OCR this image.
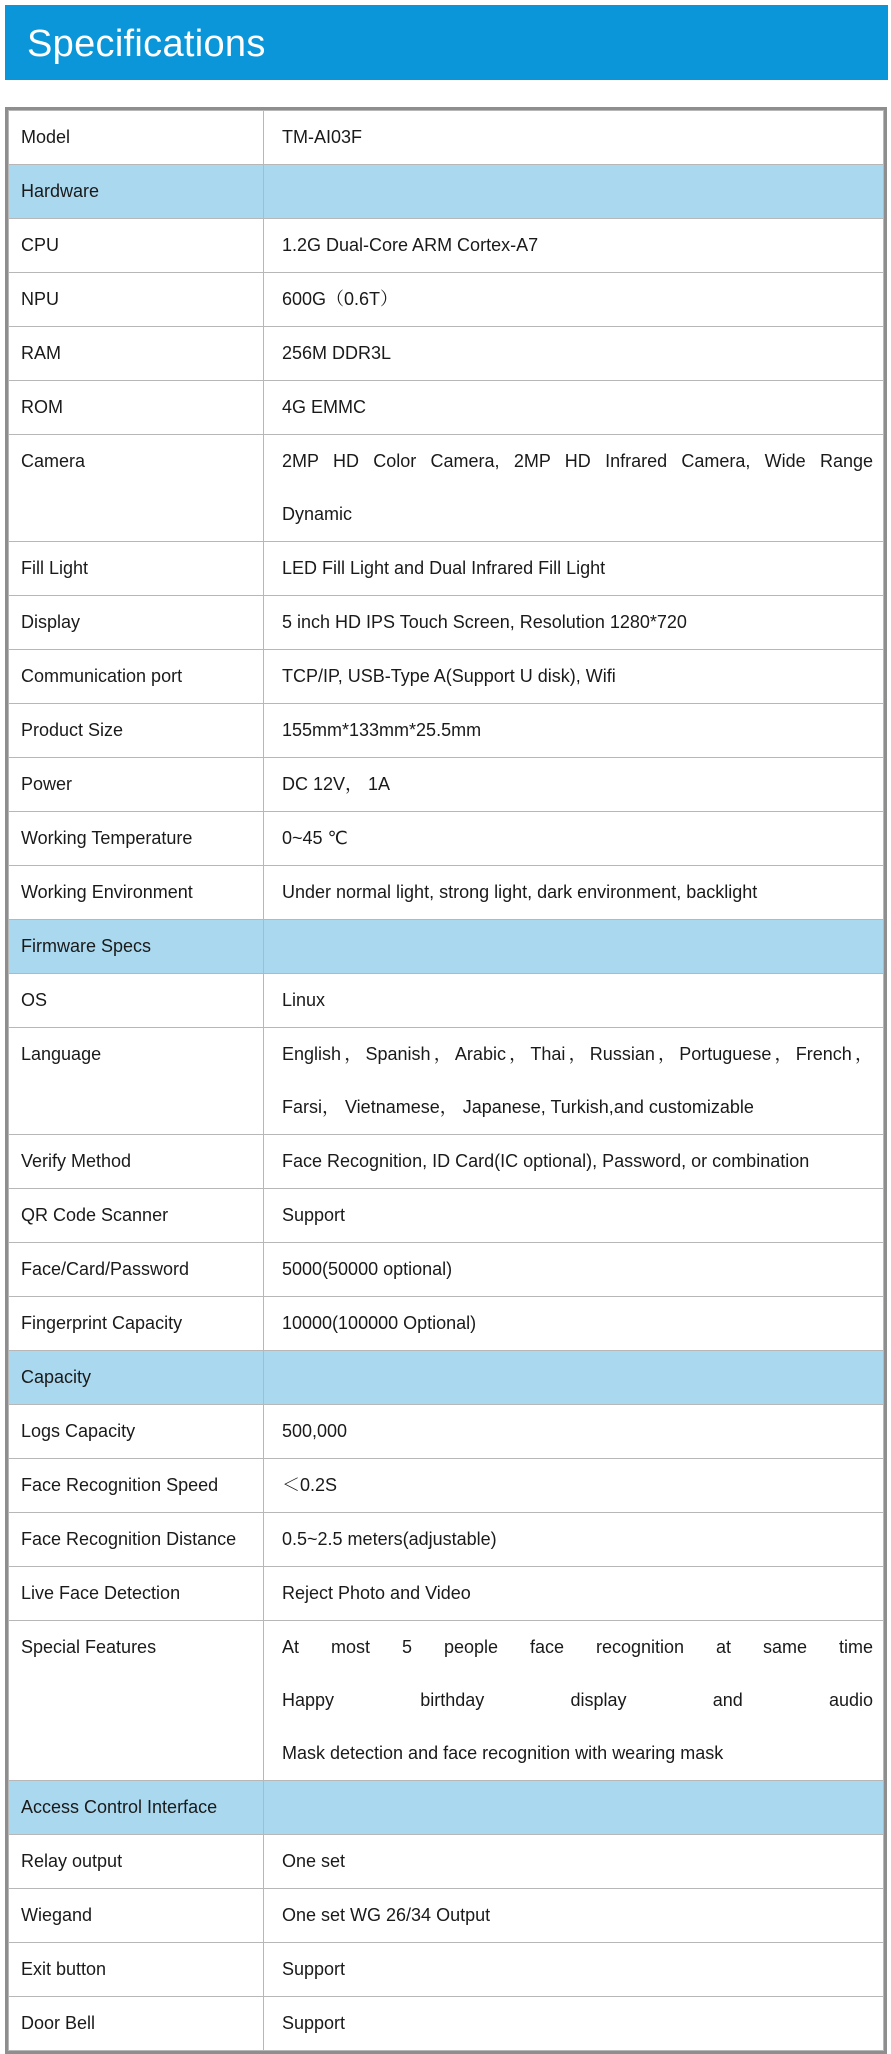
Specifications
Model	TM-AI03F

Hardware	

CPU	1.2G Dual-Core ARM Cortex-A7

NPU	600G（0.6T）

RAM	256M DDR3L

ROM	4G EMMC

Camera	2MP HD Color Camera, 2MP HD Infrared Camera, Wide Range
Dynamic

Fill Light	LED Fill Light and Dual Infrared Fill Light

Display	5 inch HD IPS Touch Screen, Resolution 1280*720

Communication port	TCP/IP, USB-Type A(Support U disk), Wifi

Product Size	155mm*133mm*25.5mm

Power	DC 12V， 1A

Working Temperature	0~45 ℃

Working Environment	Under normal light, strong light, dark environment, backlight

Firmware Specs	

OS	Linux

Language	English，Spanish，Arabic，Thai，Russian，Portuguese，French，
Farsi， Vietnamese， Japanese, Turkish,and customizable

Verify Method	Face Recognition, ID Card(IC optional), Password, or combination

QR Code Scanner	Support

Face/Card/Password	5000(50000 optional)

Fingerprint Capacity	10000(100000 Optional)

Capacity	

Logs Capacity	500,000

Face Recognition Speed	＜0.2S

Face Recognition Distance	0.5~2.5 meters(adjustable)

Live Face Detection	Reject Photo and Video

Special Features	At most 5 people face recognition at same time
Happy birthday display and audio
Mask detection and face recognition with wearing mask

Access Control Interface	

Relay output	One set

Wiegand	One set WG 26/34 Output

Exit button	Support

Door Bell	Support
